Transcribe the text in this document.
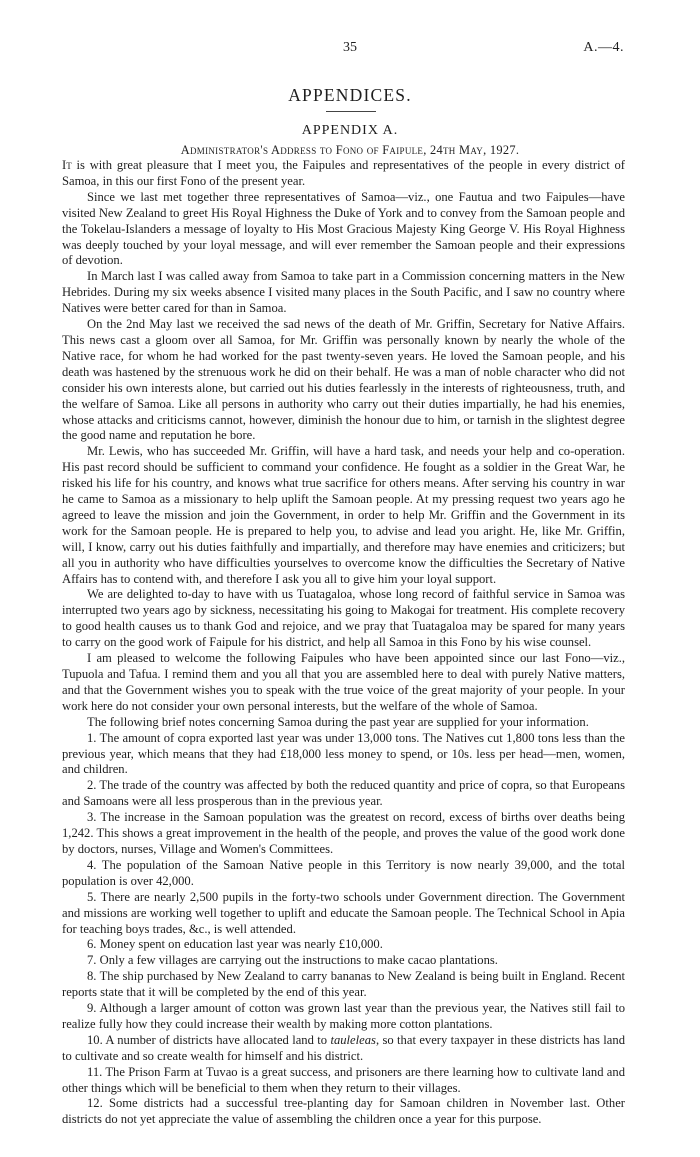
35	A.—4.
APPENDICES.
APPENDIX A.
Administrator's Address to Fono of Faipule, 24th May, 1927.

It is with great pleasure that I meet you, the Faipules and representatives of the people in every district of Samoa, in this our first Fono of the present year.

Since we last met together three representatives of Samoa—viz., one Fautua and two Faipules—have visited New Zealand to greet His Royal Highness the Duke of York and to convey from the Samoan people and the Tokelau-Islanders a message of loyalty to His Most Gracious Majesty King George V. His Royal Highness was deeply touched by your loyal message, and will ever remember the Samoan people and their expressions of devotion.

In March last I was called away from Samoa to take part in a Commission concerning matters in the New Hebrides. During my six weeks absence I visited many places in the South Pacific, and I saw no country where Natives were better cared for than in Samoa.

On the 2nd May last we received the sad news of the death of Mr. Griffin, Secretary for Native Affairs. This news cast a gloom over all Samoa, for Mr. Griffin was personally known by nearly the whole of the Native race, for whom he had worked for the past twenty-seven years. He loved the Samoan people, and his death was hastened by the strenuous work he did on their behalf. He was a man of noble character who did not consider his own interests alone, but carried out his duties fearlessly in the interests of righteousness, truth, and the welfare of Samoa. Like all persons in authority who carry out their duties impartially, he had his enemies, whose attacks and criticisms cannot, however, diminish the honour due to him, or tarnish in the slightest degree the good name and reputation he bore.

Mr. Lewis, who has succeeded Mr. Griffin, will have a hard task, and needs your help and co-operation. His past record should be sufficient to command your confidence. He fought as a soldier in the Great War, he risked his life for his country, and knows what true sacrifice for others means. After serving his country in war he came to Samoa as a missionary to help uplift the Samoan people. At my pressing request two years ago he agreed to leave the mission and join the Government, in order to help Mr. Griffin and the Government in its work for the Samoan people. He is prepared to help you, to advise and lead you aright. He, like Mr. Griffin, will, I know, carry out his duties faithfully and impartially, and therefore may have enemies and criticizers; but all you in authority who have difficulties yourselves to overcome know the difficulties the Secretary of Native Affairs has to contend with, and therefore I ask you all to give him your loyal support.

We are delighted to-day to have with us Tuatagaloa, whose long record of faithful service in Samoa was interrupted two years ago by sickness, necessitating his going to Makogai for treatment. His complete recovery to good health causes us to thank God and rejoice, and we pray that Tuatagaloa may be spared for many years to carry on the good work of Faipule for his district, and help all Samoa in this Fono by his wise counsel.

I am pleased to welcome the following Faipules who have been appointed since our last Fono—viz., Tupuola and Tafua. I remind them and you all that you are assembled here to deal with purely Native matters, and that the Government wishes you to speak with the true voice of the great majority of your people. In your work here do not consider your own personal interests, but the welfare of the whole of Samoa.

The following brief notes concerning Samoa during the past year are supplied for your information.

1. The amount of copra exported last year was under 13,000 tons. The Natives cut 1,800 tons less than the previous year, which means that they had £18,000 less money to spend, or 10s. less per head—men, women, and children.

2. The trade of the country was affected by both the reduced quantity and price of copra, so that Europeans and Samoans were all less prosperous than in the previous year.

3. The increase in the Samoan population was the greatest on record, excess of births over deaths being 1,242. This shows a great improvement in the health of the people, and proves the value of the good work done by doctors, nurses, Village and Women's Committees.

4. The population of the Samoan Native people in this Territory is now nearly 39,000, and the total population is over 42,000.

5. There are nearly 2,500 pupils in the forty-two schools under Government direction. The Government and missions are working well together to uplift and educate the Samoan people. The Technical School in Apia for teaching boys trades, &c., is well attended.

6. Money spent on education last year was nearly £10,000.

7. Only a few villages are carrying out the instructions to make cacao plantations.

8. The ship purchased by New Zealand to carry bananas to New Zealand is being built in England. Recent reports state that it will be completed by the end of this year.

9. Although a larger amount of cotton was grown last year than the previous year, the Natives still fail to realize fully how they could increase their wealth by making more cotton plantations.

10. A number of districts have allocated land to tauleleas, so that every taxpayer in these districts has land to cultivate and so create wealth for himself and his district.

11. The Prison Farm at Tuvao is a great success, and prisoners are there learning how to cultivate land and other things which will be beneficial to them when they return to their villages.

12. Some districts had a successful tree-planting day for Samoan children in November last. Other districts do not yet appreciate the value of assembling the children once a year for this purpose.
